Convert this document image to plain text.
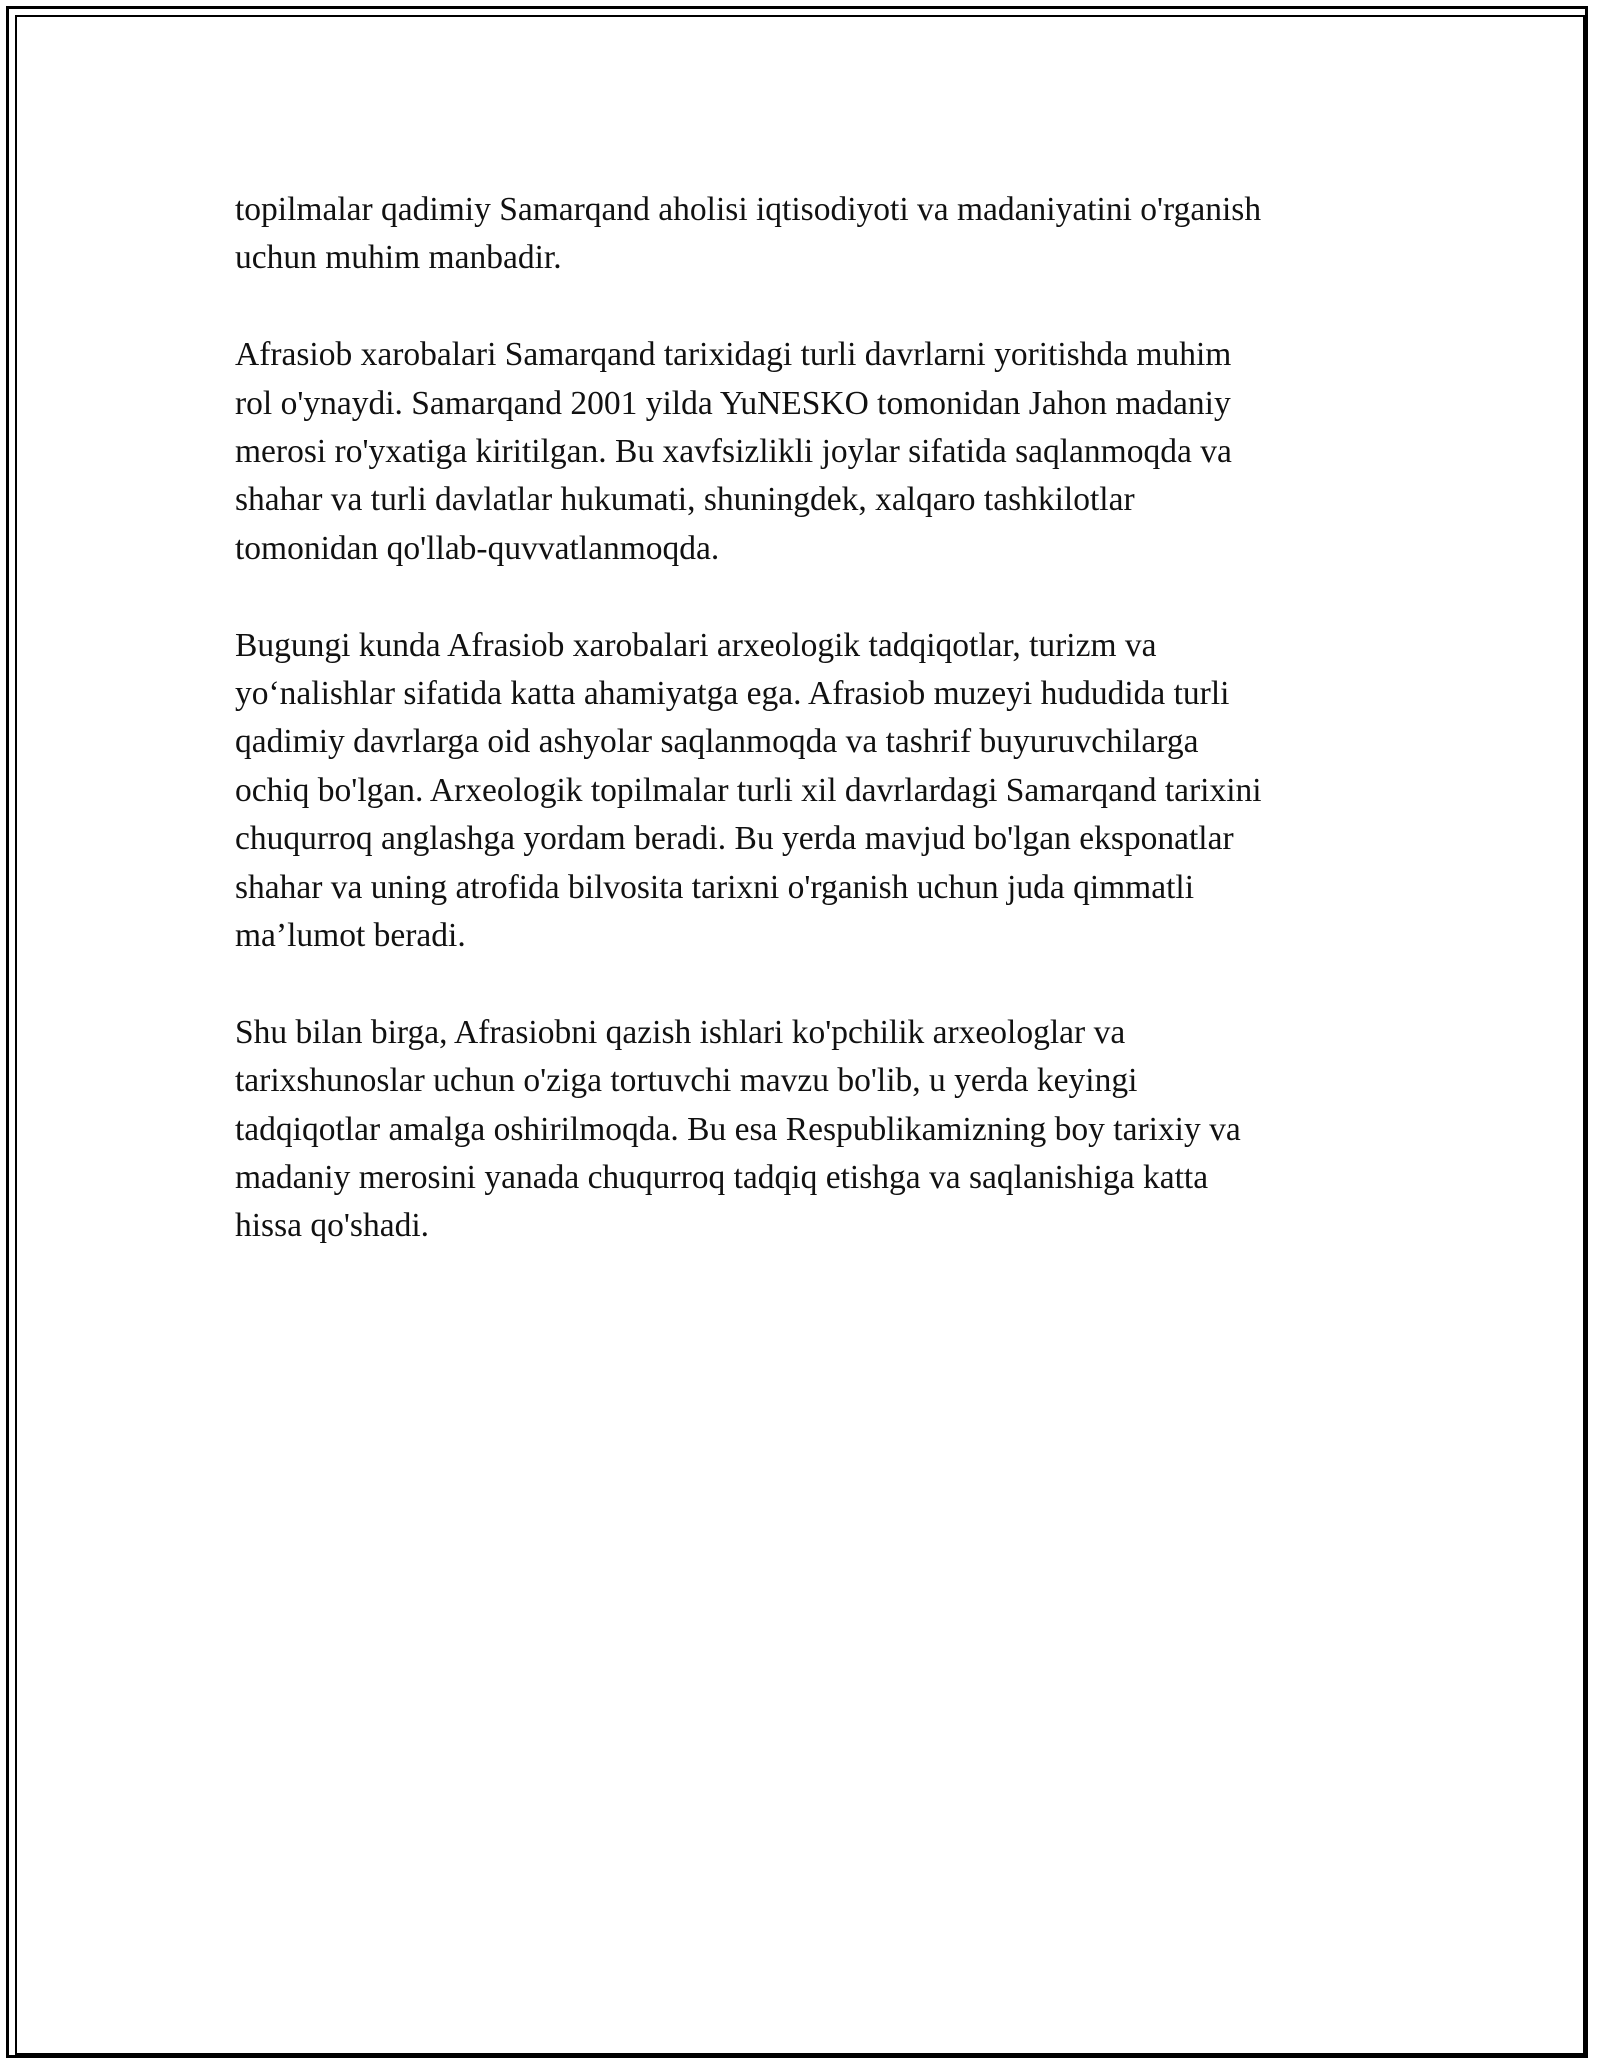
topilmalar qadimiy Samarqand aholisi iqtisodiyoti va madaniyatini o'rganish
uchun muhim manbadir.

Afrasiob xarobalari Samarqand tarixidagi turli davrlarni yoritishda muhim
rol o'ynaydi. Samarqand 2001 yilda YuNESKO tomonidan Jahon madaniy
merosi ro'yxatiga kiritilgan. Bu xavfsizlikli joylar sifatida saqlanmoqda va
shahar va turli davlatlar hukumati, shuningdek, xalqaro tashkilotlar
tomonidan qo'llab-quvvatlanmoqda.

Bugungi kunda Afrasiob xarobalari arxeologik tadqiqotlar, turizm va
yo‘nalishlar sifatida katta ahamiyatga ega. Afrasiob muzeyi hududida turli
qadimiy davrlarga oid ashyolar saqlanmoqda va tashrif buyuruvchilarga
ochiq bo'lgan. Arxeologik topilmalar turli xil davrlardagi Samarqand tarixini
chuqurroq anglashga yordam beradi. Bu yerda mavjud bo'lgan eksponatlar
shahar va uning atrofida bilvosita tarixni o'rganish uchun juda qimmatli
ma’lumot beradi.

Shu bilan birga, Afrasiobni qazish ishlari ko'pchilik arxeologlar va
tarixshunoslar uchun o'ziga tortuvchi mavzu bo'lib, u yerda keyingi
tadqiqotlar amalga oshirilmoqda. Bu esa Respublikamizning boy tarixiy va
madaniy merosini yanada chuqurroq tadqiq etishga va saqlanishiga katta
hissa qo'shadi.
